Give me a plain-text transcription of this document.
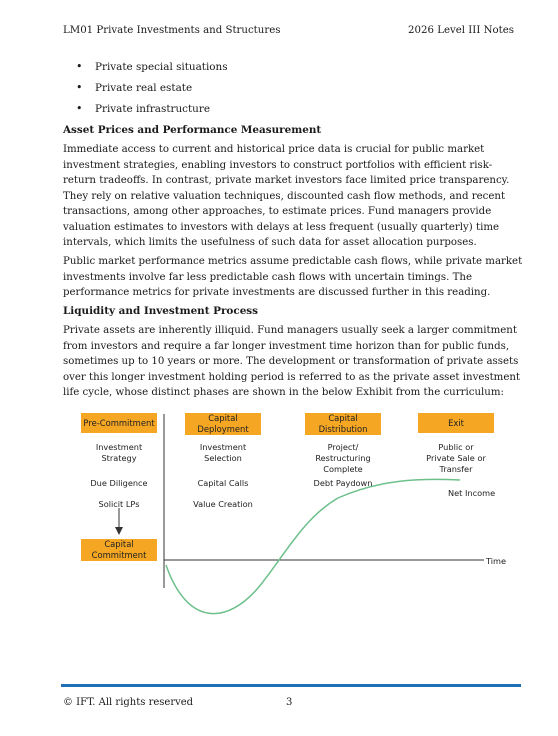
LM01 Private Investments and Structures	2026 Level III Notes
• Private special situations
• Private real estate
• Private infrastructure
Asset Prices and Performance Measurement

Immediate access to current and historical price data is crucial for public market investment strategies, enabling investors to construct portfolios with efficient risk-return tradeoffs. In contrast, private market investors face limited price transparency. They rely on relative valuation techniques, discounted cash flow methods, and recent transactions, among other approaches, to estimate prices. Fund managers provide valuation estimates to investors with delays at less frequent (usually quarterly) time intervals, which limits the usefulness of such data for asset allocation purposes.

Public market performance metrics assume predictable cash flows, while private market investments involve far less predictable cash flows with uncertain timings. The performance metrics for private investments are discussed further in this reading.

Liquidity and Investment Process

Private assets are inherently illiquid. Fund managers usually seek a larger commitment from investors and require a far longer investment time horizon than for public funds, sometimes up to 10 years or more. The development or transformation of private assets over this longer investment holding period is referred to as the private asset investment life cycle, whose distinct phases are shown in the below Exhibit from the curriculum:

Pre-Commitment	Capital
Deployment
Capital
Distribution
Exit
Investment
Strategy
Due Diligence
Solicit LPs
Investment
Selection
Capital Calls
Value Creation
Project/
Restructuring
Complete
Debt Paydown
Public or
Private Sale or
Transfer
Net Income
Capital
Commitment
Time
© IFT. All rights reserved	3
